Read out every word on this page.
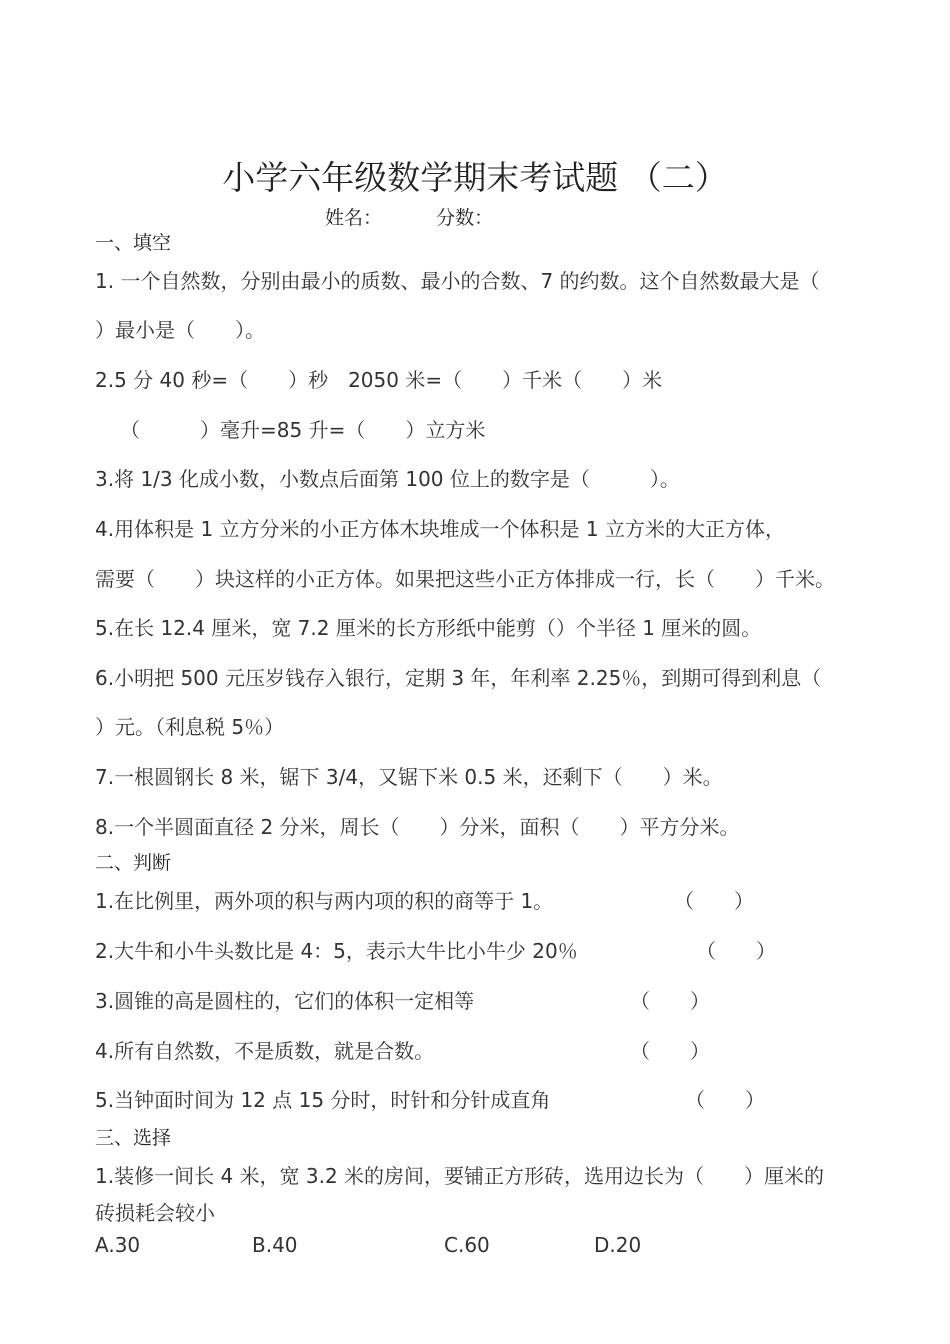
小学六年级数学期末考试题 （二）
姓名：	分数：
一、填空
1. 一个自然数，分别由最小的质数、最小的合数、7 的约数。这个自然数最大是（
）最小是（　　）。
2.5 分 40 秒=（　　）秒　2050 米=（　　）千米（　　）米
（　　　）毫升=85 升=（　　）立方米
3.将 1/3 化成小数，小数点后面第 100 位上的数字是（　　　）。
4.用体积是 1 立方分米的小正方体木块堆成一个体积是 1 立方米的大正方体，
需要（　　）块这样的小正方体。如果把这些小正方体排成一行，长（　　）千米。
5.在长 12.4 厘米，宽 7.2 厘米的长方形纸中能剪（）个半径 1 厘米的圆。
6.小明把 500 元压岁钱存入银行，定期 3 年，年利率 2.25％，到期可得到利息（
）元。（利息税 5％）
7.一根圆钢长 8 米，锯下 3/4，又锯下米 0.5 米，还剩下（　　）米。
8.一个半圆面直径 2 分米，周长（　　）分米，面积（　　）平方分米。
二、判断
1.在比例里，两外项的积与两内项的积的商等于 1。	（　　）
2.大牛和小牛头数比是 4：5，表示大牛比小牛少 20％	（　　）
3.圆锥的高是圆柱的，它们的体积一定相等	（　　）
4.所有自然数，不是质数，就是合数。	（　　）
5.当钟面时间为 12 点 15 分时，时针和分针成直角	（　　）
三、选择
1.装修一间长 4 米，宽 3.2 米的房间，要铺正方形砖，选用边长为（　　）厘米的
砖损耗会较小
A.30	B.40	C.60	D.20
